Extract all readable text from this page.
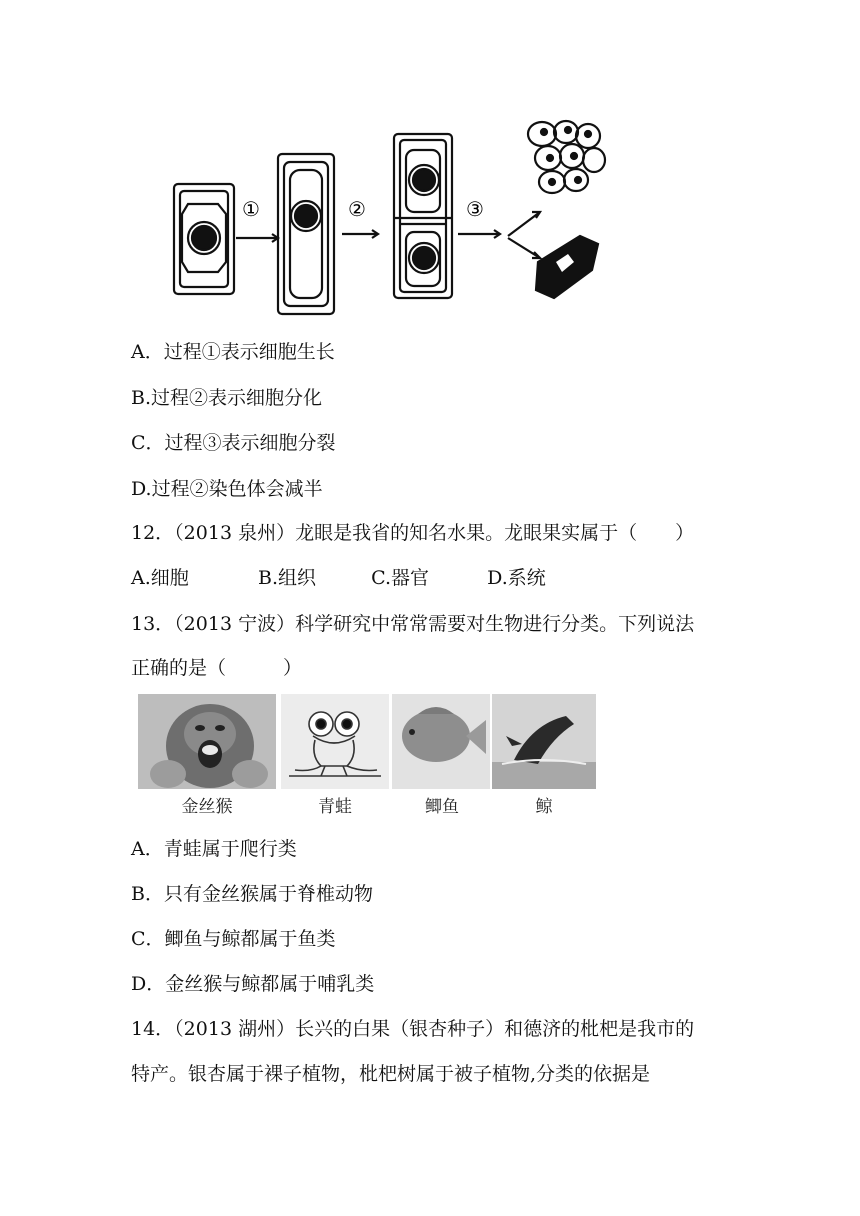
①	②	③
A．过程①表示细胞生长
B.过程②表示细胞分化
C．过程③表示细胞分裂
D.过程②染色体会减半
12．（2013 泉州）龙眼是我省的知名水果。龙眼果实属于（　　）
A.细胞	B.组织	C.器官	D.系统
13．（2013 宁波）科学研究中常常需要对生物进行分类。下列说法
正确的是（　　　）
金丝猴	青蛙	鲫鱼	鲸
A．青蛙属于爬行类
B．只有金丝猴属于脊椎动物
C．鲫鱼与鲸都属于鱼类
D．金丝猴与鲸都属于哺乳类
14．（2013 湖州）长兴的白果（银杏种子）和德济的枇杷是我市的
特产。银杏属于裸子植物，枇杷树属于被子植物,分类的依据是
